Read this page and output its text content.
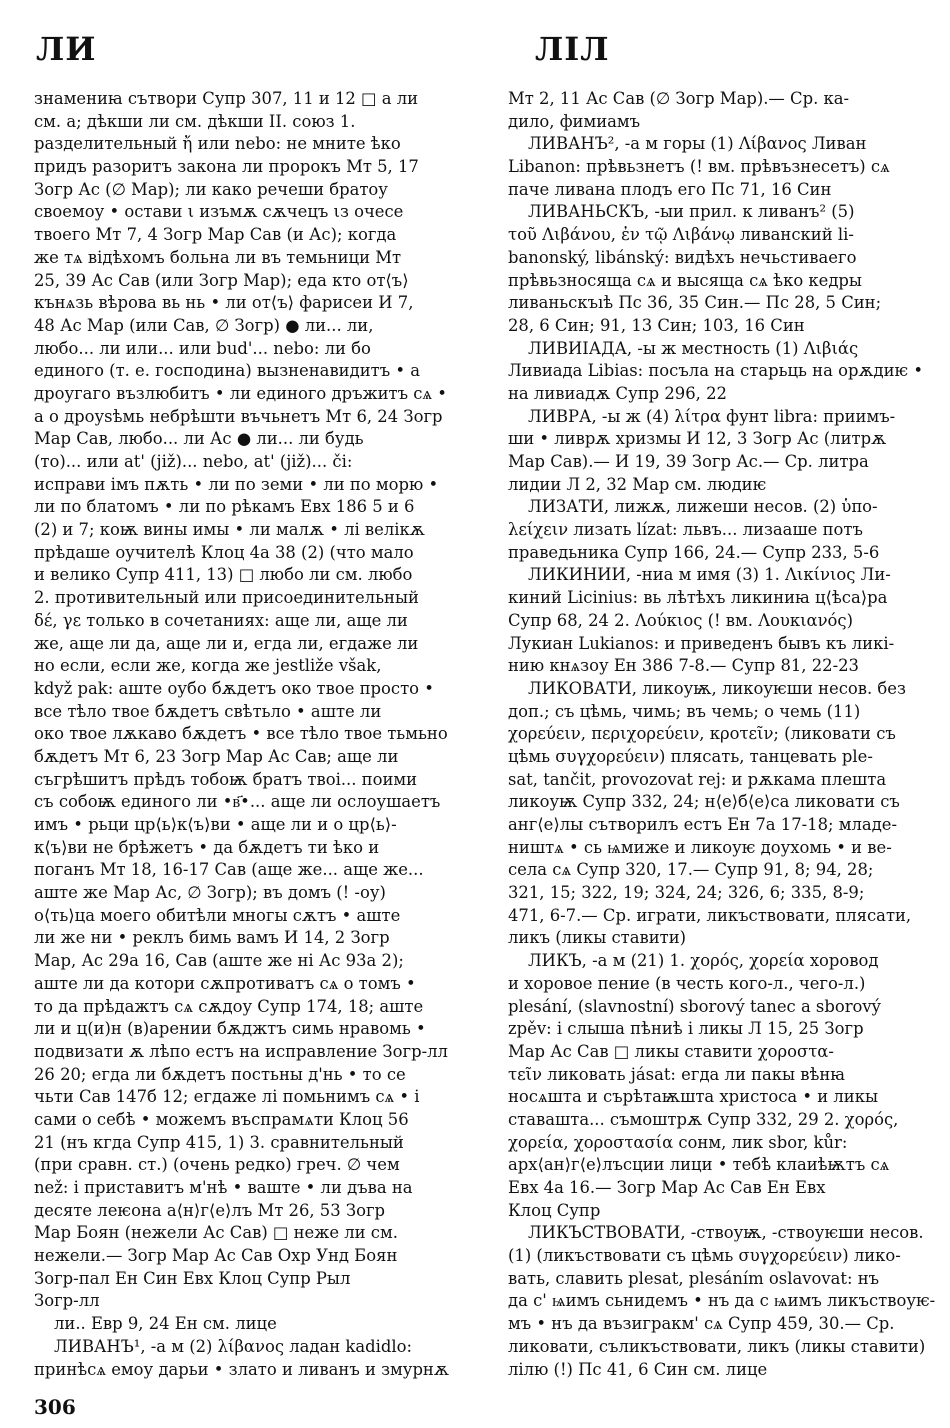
ЛИ	ЛІЛ
знамениꙗ сътвори Супр 307, 11 и 12 □ а ли
см. а; дѣкши ли см. дѣкши II. союз 1.
разделительный ἤ или nebo: не мните ѣко
придъ разоритъ закона ли пророкъ Мт 5, 17
Зогр Ас (∅ Мар); ли како речеши братоу
своемоу • остави ι изъмѫ сѫчецъ ιз очесе
твоего Мт 7, 4 Зогр Мар Сав (и Ас); когда
же тѧ відѣхомъ больна ли въ темьници Мт
25, 39 Ас Сав (или Зогр Мар); еда кто от⟨ъ⟩
кънѧзь вѣрова вь нь • ли от⟨ъ⟩ фарисеи И 7,
48 Ас Мар (или Сав, ∅ Зогр) ● ли... ли,
любо... ли или... или bud'... nebo: ли бо
единого (т. е. господина) вызненавидитъ • а
дроугаго възлюбитъ • ли единого дръжитъ сѧ •
а о дроуѕѣмь небрѣшти въчьнетъ Мт 6, 24 Зогр
Мар Сав, любо... ли Ас ● ли... ли будь
(то)... или at' (již)... nebo, at' (již)... či:
исправи імъ пѫть • ли по земи • ли по морю •
ли по блатомъ • ли по рѣкамъ Евх 186 5 и 6
(2) и 7; коѭ вины имы • ли малѫ • лі велікѫ
прѣдаше оучителѣ Клоц 4а 38 (2) (что мало
и велико Супр 411, 13) □ любо ли см. любо
2. противительный или присоединительный
δέ, γε только в сочетаниях: аще ли, аще ли
же, аще ли да, аще ли и, егда ли, егдаже ли
но если, если же, когда же jestliže však,
když pak: аште оубо бѫдетъ око твое просто •
все тѣло твое бѫдетъ свѣтьло • аште ли
око твое лѫкаво бѫдетъ • все тѣло твое тьмьно
бѫдетъ Мт 6, 23 Зогр Мар Ас Сав; аще ли
съгрѣшитъ прѣдъ тобоѭ братъ твоі... поими
съ собоѭ единого ли •в҃•... аще ли ослоушаетъ
имъ • рьци цр⟨ь⟩к⟨ъ⟩ви • аще ли и о цр⟨ь⟩-
к⟨ъ⟩ви не брѣжетъ • да бѫдетъ ти ѣко и
поганъ Мт 18, 16-17 Сав (аще же... аще же...
аште же Мар Ас, ∅ Зогр); въ домъ (! -оу)
о⟨ть⟩ца моего обитѣли многы сѫтъ • аште
ли же ни • реклъ бимь вамъ И 14, 2 Зогр
Мар, Ас 29а 16, Сав (аште же ні Ас 93а 2);
аште ли да котори сѫпротиватъ сѧ о томъ •
то да прѣдажтъ сѧ сѫдоу Супр 174, 18; аште
ли и ц(и)н (в)арении бѫджтъ симь нравомь •
подвизати ѫ лѣпо естъ на исправление Зогр-лл
26 20; егда ли бѫдетъ постьны д'нь • то се
чьти Сав 147б 12; егдаже лі помьнимъ сѧ • і
сами о себѣ • можемъ въспрамѧти Клоц 56
21 (нъ кгда Супр 415, 1) 3. сравнительный
(при сравн. ст.) (очень редко) греч. ∅ чем
než: і приставитъ м'нѣ • ваште • ли дъва на
десяте леѥона а⟨н⟩г⟨е⟩лъ Мт 26, 53 Зогр
Мар Боян (нежели Ас Сав) □ неже ли см.
нежели.— Зогр Мар Ас Сав Охр Унд Боян
Зогр-пал Ен Син Евх Клоц Супр Рыл
Зогр-лл
ли.. Евр 9, 24 Ен см. лице
ЛИВАНЪ¹, -а м (2) λίβανος ладан kadidlo:
принѣсѧ емоу дарьи • злато и ливанъ и змурнѫ
Мт 2, 11 Ас Сав (∅ Зогр Мар).— Ср. ка-
дило, фимиамъ
ЛИВАНЪ², -а м горы (1) Λίβανος Ливан
Libanon: прѣвьзнетъ (! вм. прѣвъзнесетъ) сѧ
паче ливана плодъ его Пс 71, 16 Син
ЛИВАНЬСКЪ, -ыи прил. к ливанъ² (5)
τοῦ Λιβάνου, ἐν τῷ Λιβάνῳ ливанский li-
banonský, libánský: видѣхъ нечьстиваего
прѣвьзносяща сѧ и высяща сѧ ѣко кедры
ливаньскъıѣ Пс 36, 35 Син.— Пс 28, 5 Син;
28, 6 Син; 91, 13 Син; 103, 16 Син
ЛИВИІАДА, -ы ж местность (1) Λιβιάς
Ливиада Libias: посъла на старьць на орѫдиѥ •
на ливиадѫ Супр 296, 22
ЛИВРА, -ы ж (4) λίτρα фунт libra: приимъ-
ши • ливрѫ хризмы И 12, 3 Зогр Ас (литрѫ
Мар Сав).— И 19, 39 Зогр Ас.— Ср. литра
лидии Л 2, 32 Мар см. людиѥ
ЛИЗАТИ, лижѫ, лижеши несов. (2) ὑπο-
λείχειν лизать lízat: львъ... лизааше потъ
праведьника Супр 166, 24.— Супр 233, 5-6
ЛИКИНИИ, -ниа м имя (3) 1. Λικίνιος Ли-
киний Licinius: вь лѣтѣхъ ликиниꙗ ц⟨ѣса⟩ра
Супр 68, 24 2. Λούκιος (! вм. Λουκιανός)
Лукиан Lukianos: и приведенъ бывъ къ ликі-
нию кнѧзоу Ен 386 7-8.— Супр 81, 22-23
ЛИКОВАТИ, ликоуѭ, ликоуѥши несов. без
доп.; съ цѣмь, чимь; въ чемь; о чемь (11)
χορεύειν, περιχορεύειν, κροτεῖν; (ликовати съ
цѣмь συγχορεύειν) плясать, танцевать ple-
sat, tančit, provozovat rej: и рѫкама плешта
ликоуѭ Супр 332, 24; н⟨е⟩б⟨е⟩са ликовати съ
анг⟨е⟩лы сътворилъ естъ Ен 7а 17-18; младе-
ништѧ • сь ѩмиже и ликоуѥ доухомь • и ве-
села сѧ Супр 320, 17.— Супр 91, 8; 94, 28;
321, 15; 322, 19; 324, 24; 326, 6; 335, 8-9;
471, 6-7.— Ср. играти, ликъствовати, плясати,
ликъ (ликы ставити)
ЛИКЪ, -а м (21) 1. χορός, χορεία хоровод
и хоровое пение (в честь кого-л., чего-л.)
plesání, (slavnostní) sborový tanec a sborový
zpěv: і слыша пѣниѣ і ликы Л 15, 25 Зогр
Мар Ас Сав □ ликы ставити χοροστα-
τεῖν ликовать jásat: егда ли пакы вѣнꙗ
носѧшта и сърѣтаѭшта христоса • и ликы
ставашта... съмоштрѫ Супр 332, 29 2. χορός,
χορεία, χοροστασία сонм, лик sbor, kůr:
арх⟨ан⟩г⟨е⟩лъсции лици • тебѣ клаиѣѭтъ сѧ
Евх 4а 16.— Зогр Мар Ас Сав Ен Евх
Клоц Супр
ЛИКЪСТВОВАТИ, -ствоуѭ, -ствоуѥши несов.
(1) (ликъствовати съ цѣмь συγχορεύειν) лико-
вать, славить plesat, plesáním oslavovat: нъ
да с' ѩимъ сьнидемъ • нъ да с ѩимъ ликъствоуѥ-
мъ • нъ да възигракм' сѧ Супр 459, 30.— Ср.
ликовати, съликъствовати, ликъ (ликы ставити)
лілю (!) Пс 41, 6 Син см. лице
306
